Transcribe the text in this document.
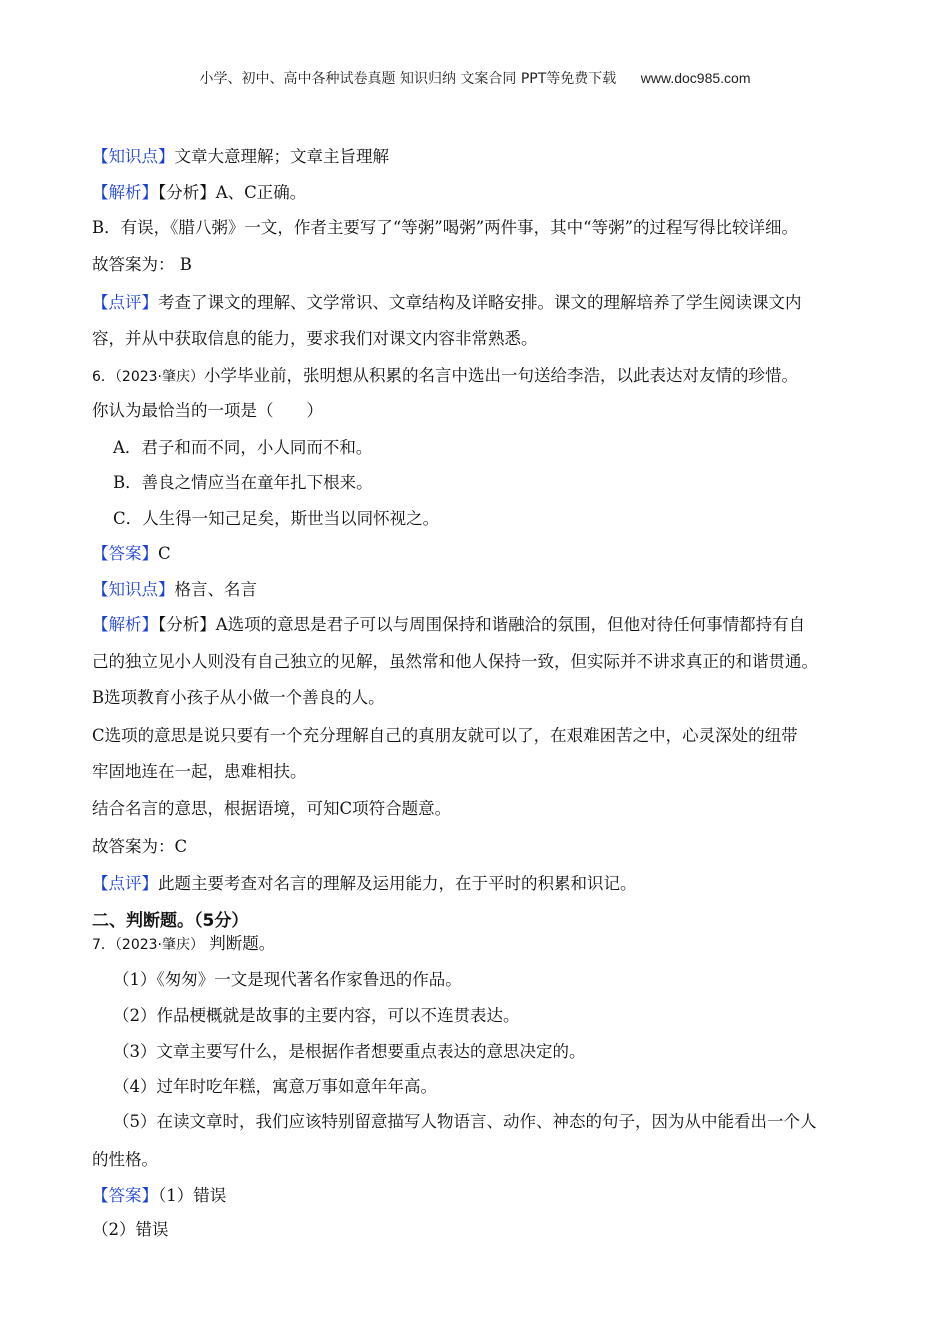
小学、初中、高中各种试卷真题 知识归纳 文案合同 PPT等免费下载 www.doc985.com
【知识点】文章大意理解；文章主旨理解
【解析】【分析】A、C正确。
B．有误，《腊八粥》一文，作者主要写了“等粥”喝粥”两件事，其中“等粥”的过程写得比较详细。
故答案为： B
【点评】考查了课文的理解、文学常识、文章结构及详略安排。课文的理解培养了学生阅读课文内
容，并从中获取信息的能力，要求我们对课文内容非常熟悉。
6．（2023·肇庆）小学毕业前，张明想从积累的名言中选出一句送给李浩，以此表达对友情的珍惜。
你认为最恰当的一项是（　　）
A．君子和而不同，小人同而不和。
B．善良之情应当在童年扎下根来。
C．人生得一知己足矣，斯世当以同怀视之。
【答案】C
【知识点】格言、名言
【解析】【分析】A选项的意思是君子可以与周围保持和谐融洽的氛围，但他对待任何事情都持有自
己的独立见小人则没有自己独立的见解，虽然常和他人保持一致，但实际并不讲求真正的和谐贯通。
B选项教育小孩子从小做一个善良的人。
C选项的意思是说只要有一个充分理解自己的真朋友就可以了，在艰难困苦之中，心灵深处的纽带
牢固地连在一起，患难相扶。
结合名言的意思，根据语境，可知C项符合题意。
故答案为：C
【点评】此题主要考查对名言的理解及运用能力，在于平时的积累和识记。
二、判断题。（5分）
7．（2023·肇庆） 判断题。
（1）《匆匆》一文是现代著名作家鲁迅的作品。
（2）作品梗概就是故事的主要内容，可以不连贯表达。
（3）文章主要写什么，是根据作者想要重点表达的意思决定的。
（4）过年时吃年糕，寓意万事如意年年高。
（5）在读文章时，我们应该特别留意描写人物语言、动作、神态的句子，因为从中能看出一个人
的性格。
【答案】（1）错误
（2）错误
